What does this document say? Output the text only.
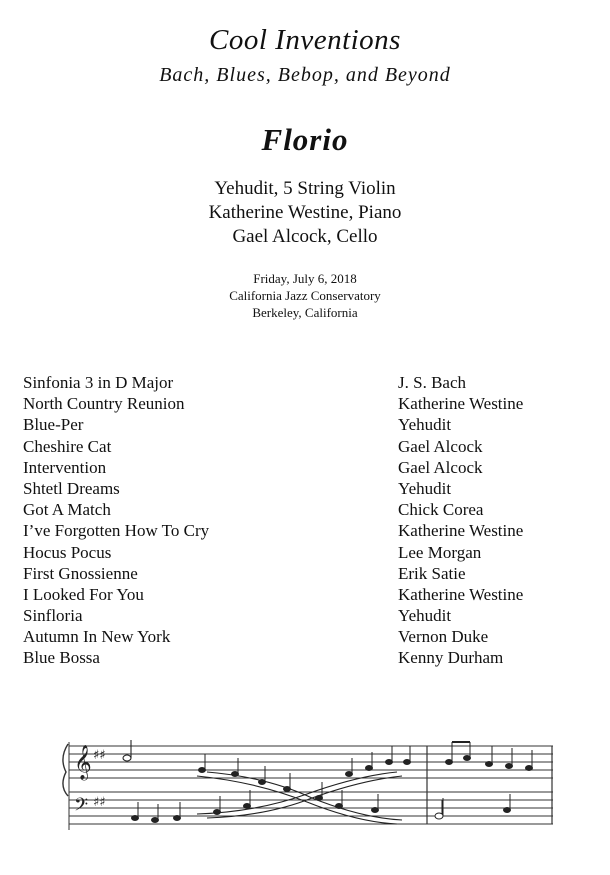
Cool Inventions
Bach, Blues, Bebop, and Beyond
Florio
Yehudit, 5 String Violin
Katherine Westine, Piano
Gael Alcock, Cello
Friday, July 6, 2018
California Jazz Conservatory
Berkeley, California
Sinfonia 3 in D Major	J. S. Bach
North Country Reunion	Katherine Westine
Blue-Per	Yehudit
Cheshire Cat	Gael Alcock
Intervention	Gael Alcock
Shtetl Dreams	Yehudit
Got A Match	Chick Corea
I’ve Forgotten How To Cry	Katherine Westine
Hocus Pocus	Lee Morgan
First Gnossienne	Erik Satie
I Looked For You	Katherine Westine
Sinfloria	Yehudit
Autumn In New York	Vernon Duke
Blue Bossa	Kenny Durham
𝄞 ♯♯
𝄢 ♯♯
